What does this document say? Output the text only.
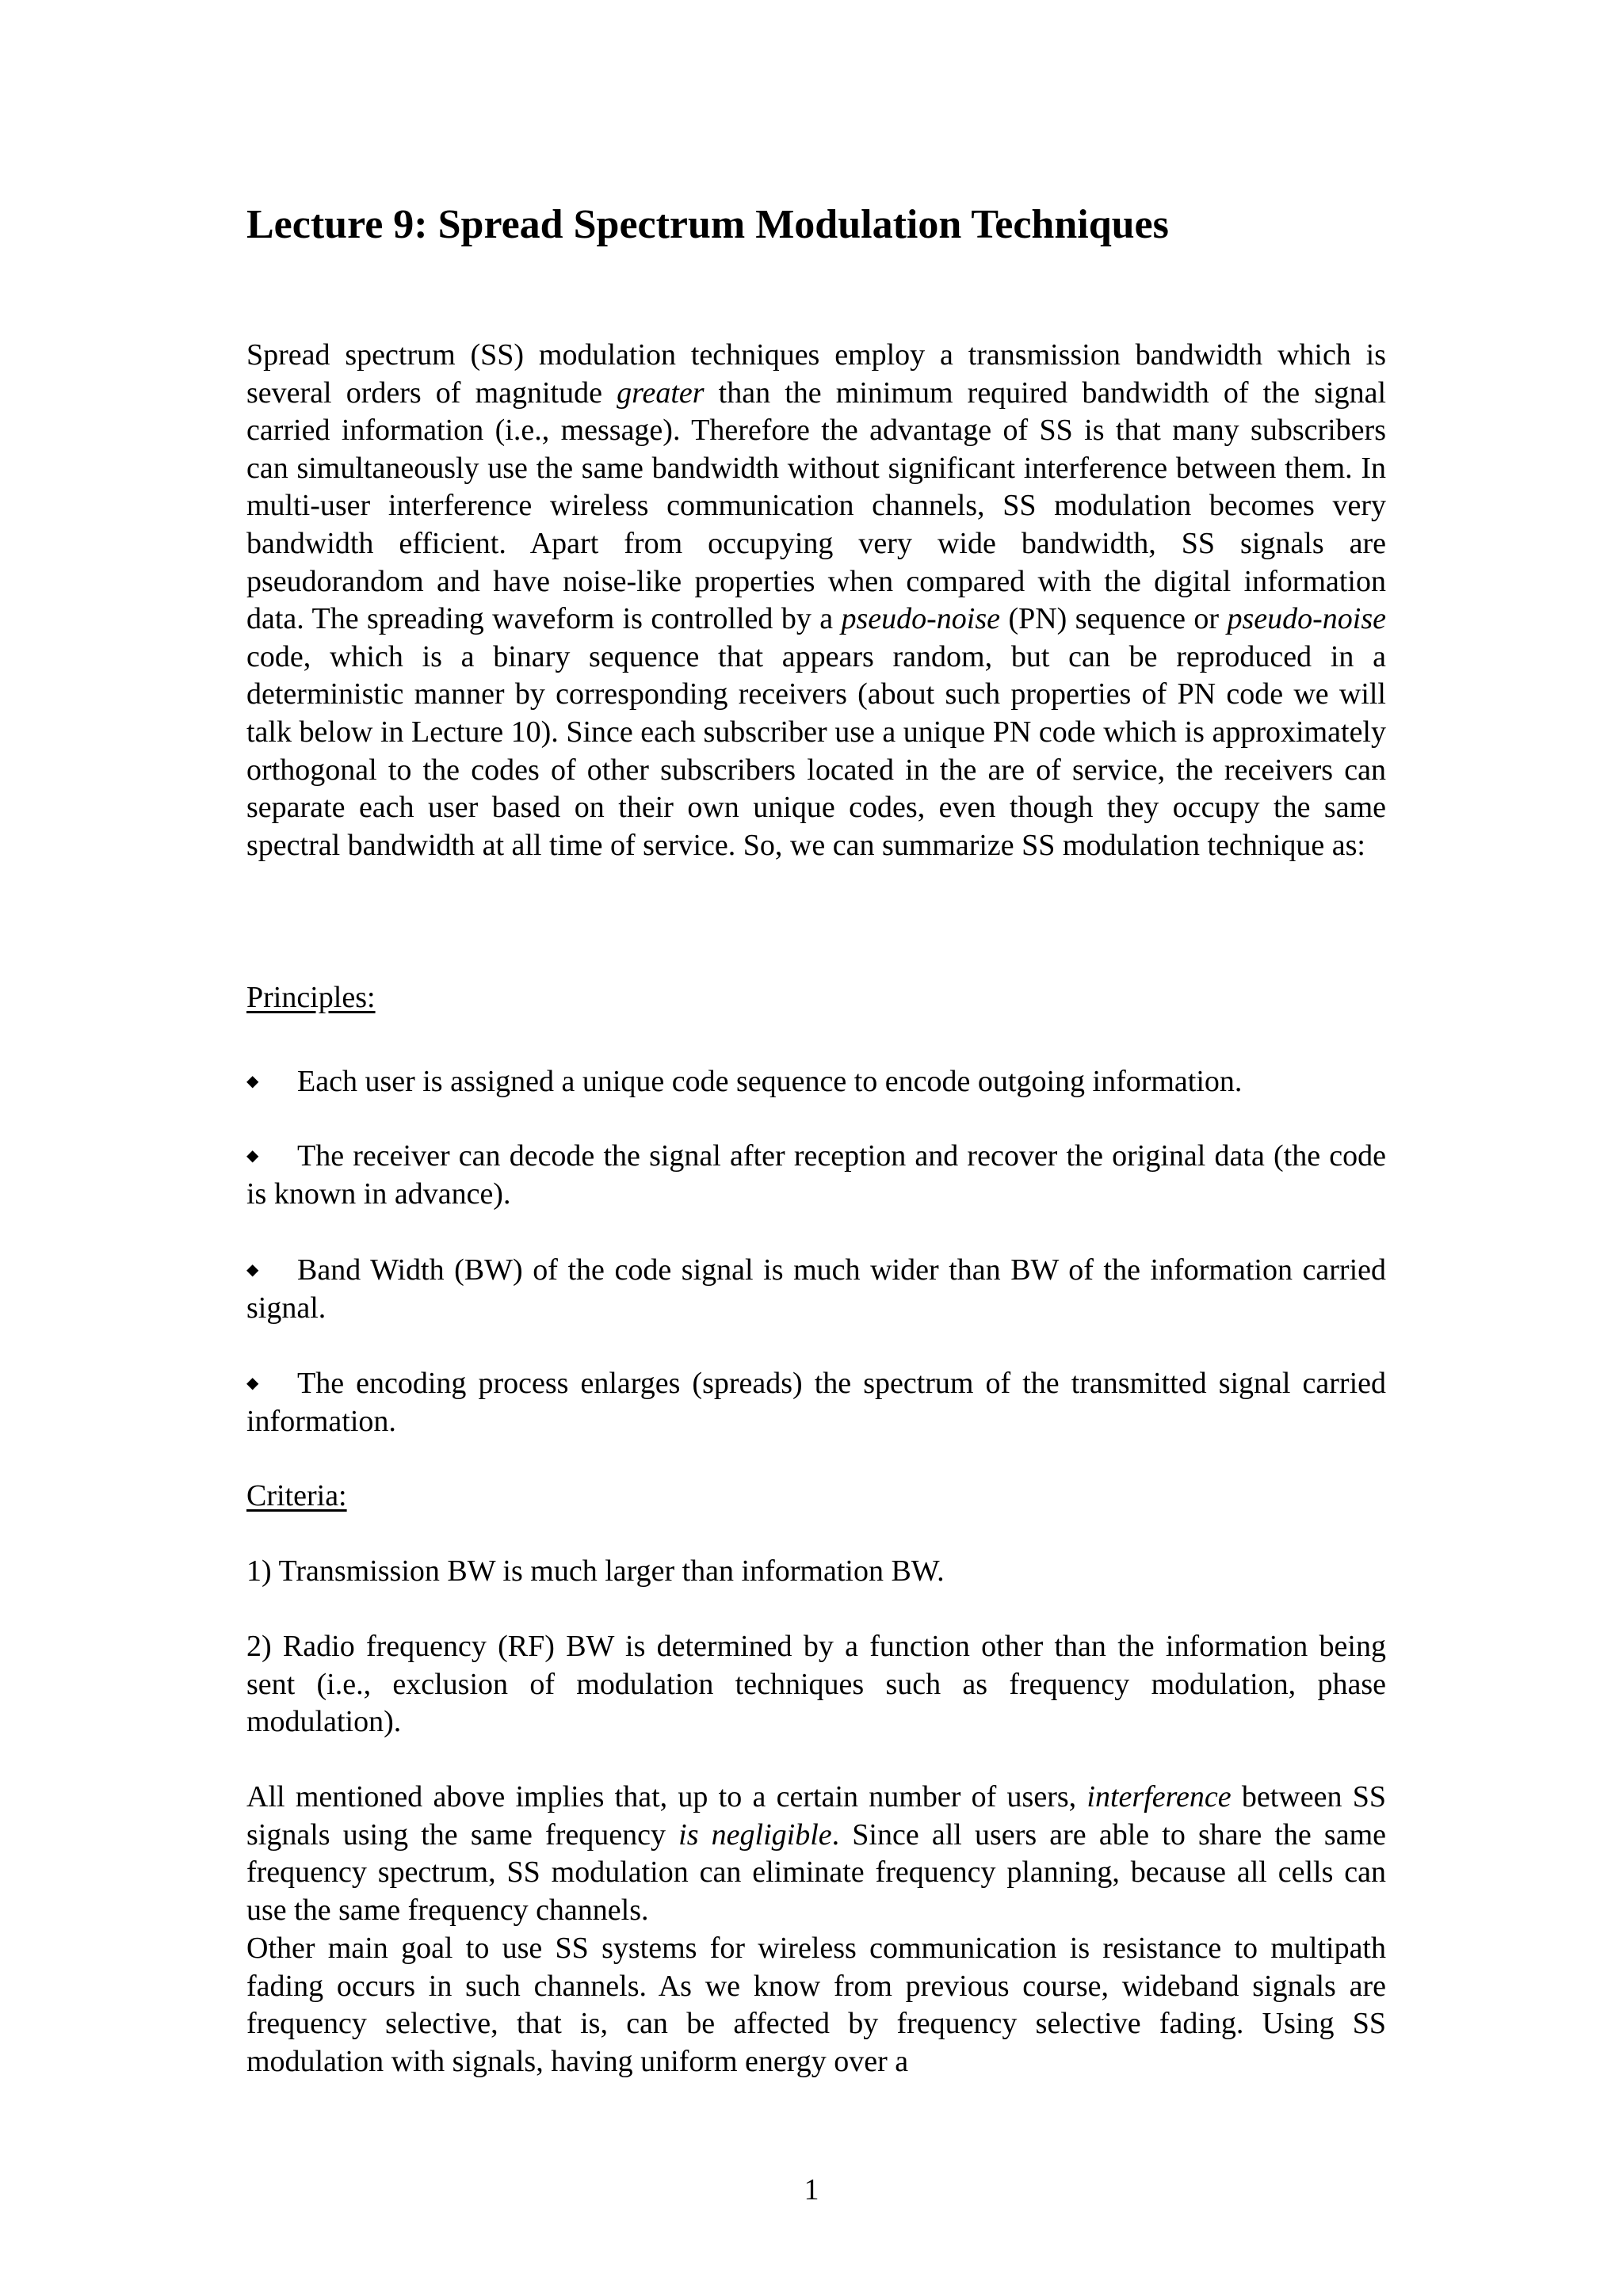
Lecture 9: Spread Spectrum Modulation Techniques

Spread spectrum (SS) modulation techniques employ a transmission bandwidth which is several orders of magnitude greater than the minimum required bandwidth of the signal carried information (i.e., message). Therefore the advantage of SS is that many subscribers can simultaneously use the same bandwidth without significant interference between them. In multi-user interference wireless communication channels, SS modulation becomes very bandwidth efficient. Apart from occupying very wide bandwidth, SS signals are pseudorandom and have noise-like properties when compared with the digital information data. The spreading waveform is controlled by a pseudo-noise (PN) sequence or pseudo-noise code, which is a binary sequence that appears random, but can be reproduced in a deterministic manner by corresponding receivers (about such properties of PN code we will talk below in Lecture 10). Since each subscriber use a unique PN code which is approximately orthogonal to the codes of other subscribers located in the are of service, the receivers can separate each user based on their own unique codes, even though they occupy the same spectral bandwidth at all time of service. So, we can summarize SS modulation technique as:

Principles:

◆ Each user is assigned a unique code sequence to encode outgoing information.

◆ The receiver can decode the signal after reception and recover the original data (the code is known in advance).

◆ Band Width (BW) of the code signal is much wider than BW of the information carried signal.

◆ The encoding process enlarges (spreads) the spectrum of the transmitted signal carried information.

Criteria:

1) Transmission BW is much larger than information BW.

2) Radio frequency (RF) BW is determined by a function other than the information being sent (i.e., exclusion of modulation techniques such as frequency modulation, phase modulation).

All mentioned above implies that, up to a certain number of users, interference between SS signals using the same frequency is negligible. Since all users are able to share the same frequency spectrum, SS modulation can eliminate frequency planning, because all cells can use the same frequency channels.

Other main goal to use SS systems for wireless communication is resistance to multipath fading occurs in such channels. As we know from previous course, wideband signals are frequency selective, that is, can be affected by frequency selective fading. Using SS modulation with signals, having uniform energy over a

1
